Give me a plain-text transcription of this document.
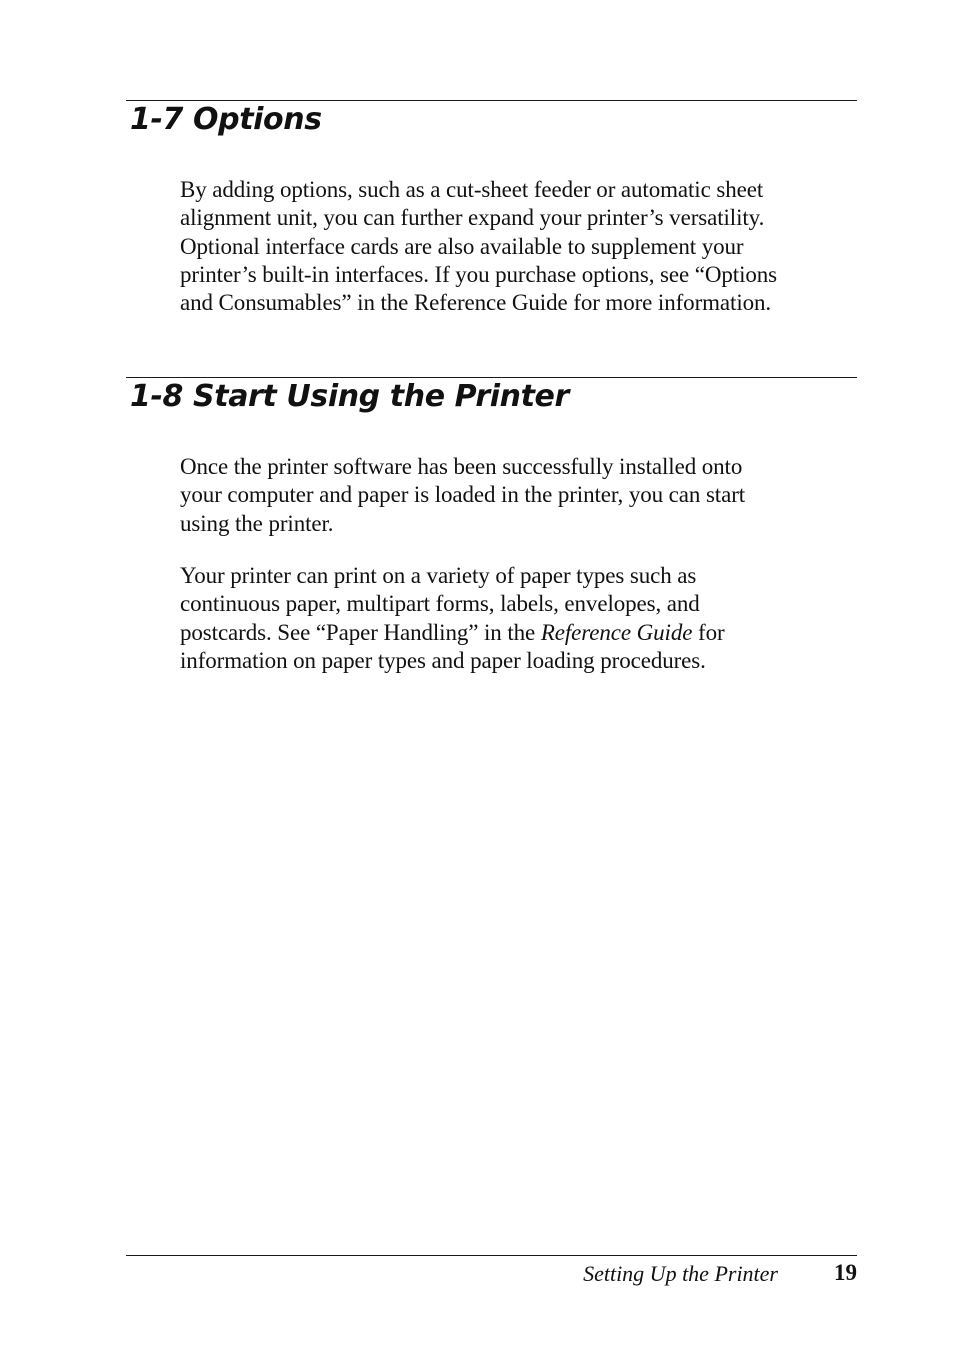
1-7 Options

By adding options, such as a cut-sheet feeder or automatic sheet
alignment unit, you can further expand your printer’s versatility.
Optional interface cards are also available to supplement your
printer’s built-in interfaces. If you purchase options, see “Options
and Consumables” in the Reference Guide for more information.

1-8 Start Using the Printer

Once the printer software has been successfully installed onto
your computer and paper is loaded in the printer, you can start
using the printer.

Your printer can print on a variety of paper types such as
continuous paper, multipart forms, labels, envelopes, and
postcards. See “Paper Handling” in the Reference Guide for
information on paper types and paper loading procedures.

Setting Up the Printer 19
